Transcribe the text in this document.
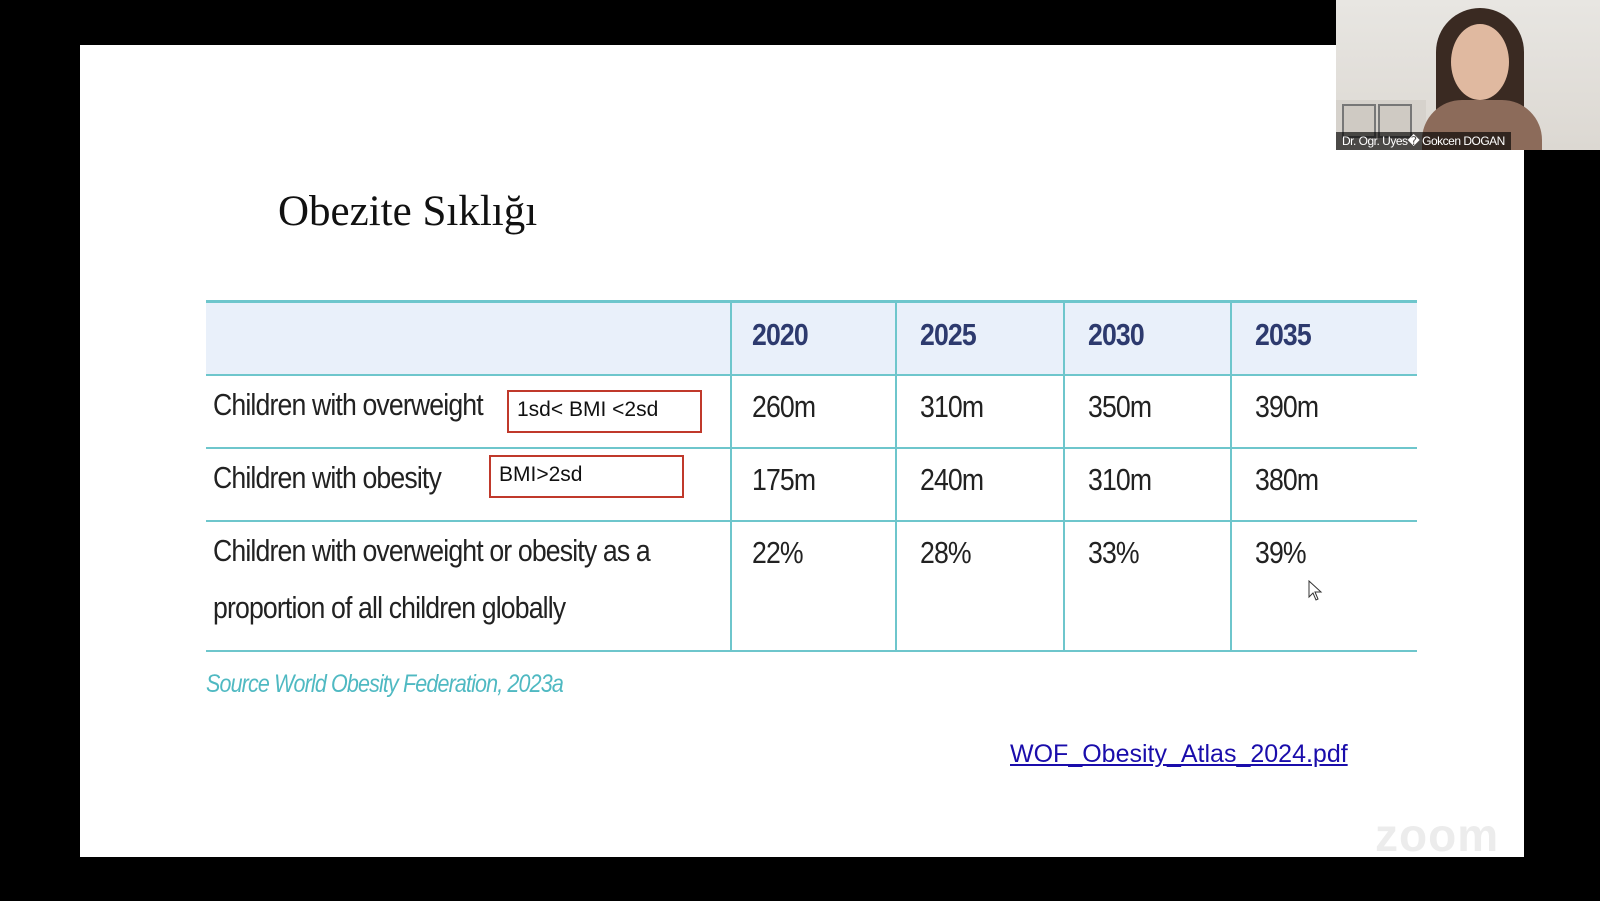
Obezite Sıklığı
2020	2025	2030	2035
Children with overweight	1sd< BMI <2sd	260m	310m	350m	390m
Children with obesity	BMI>2sd	175m	240m	310m	380m
Children with overweight or obesity as a
proportion of all children globally
22%	28%	33%	39%
Source World Obesity Federation, 2023a
WOF_Obesity_Atlas_2024.pdf
zoom
Dr. Ogr. Uyes� Gokcen DOGAN
